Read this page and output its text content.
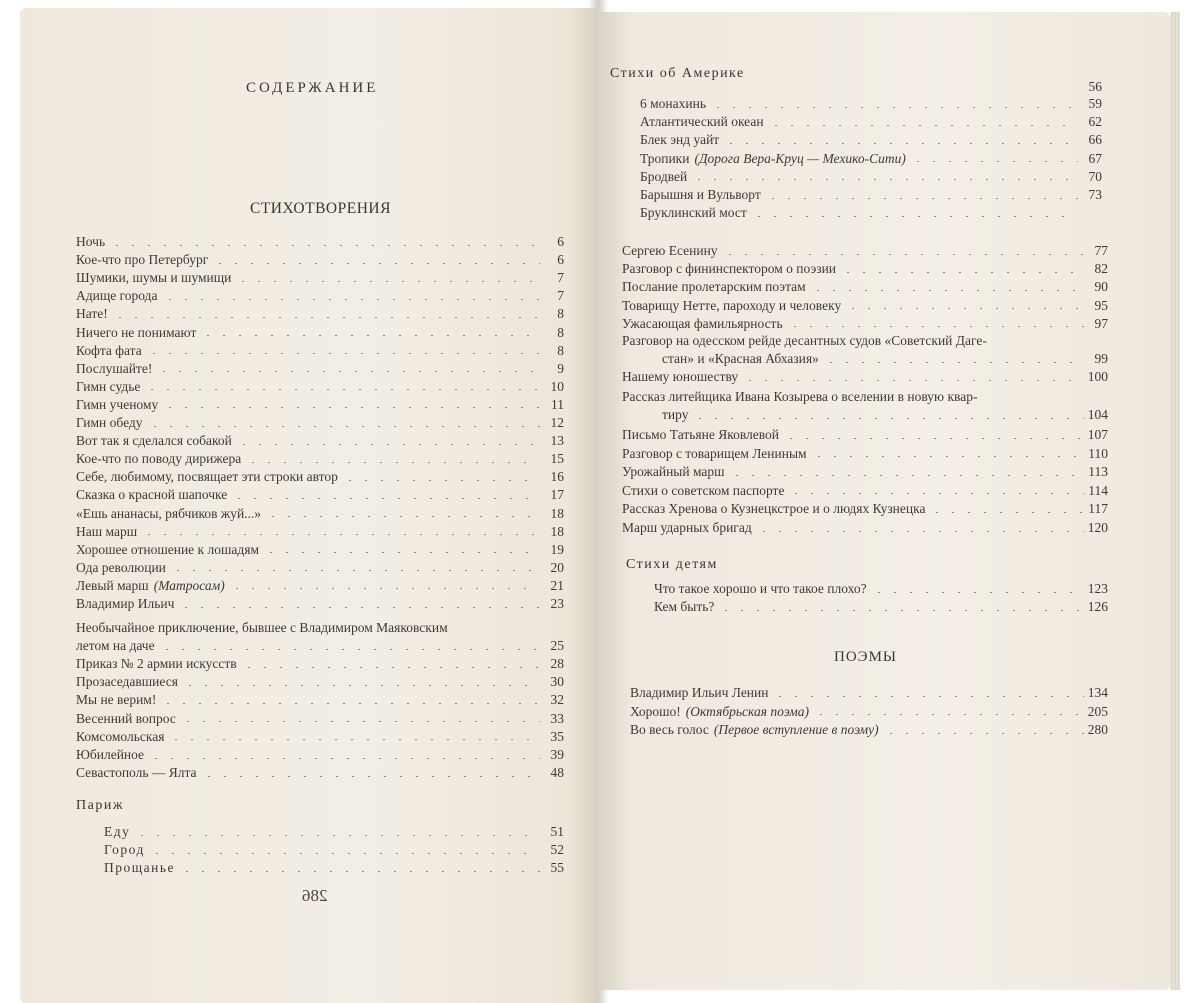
СОДЕРЖАНИЕ
СТИХОТВОРЕНИЯ
Ночь	6
Кое-что про Петербург	6
Шумики, шумы и шумищи	7
Адище города	7
Нате!	8
Ничего не понимают	8
Кофта фата	8
Послушайте!	9
Гимн судье	10
Гимн ученому	11
Гимн обеду	12
Вот так я сделался собакой	13
Кое-что по поводу дирижера	15
Себе, любимому, посвящает эти строки автор	16
Сказка о красной шапочке	17
«Ешь ананасы, рябчиков жуй...»	18
Наш марш	18
Хорошее отношение к лошадям	19
Ода революции	20
Левый марш (Матросам)	21
Владимир Ильич	23
Необычайное приключение, бывшее с Владимиром Маяковским
летом на даче	25
Приказ № 2 армии искусств	28
Прозаседавшиеся	30
Мы не верим!	32
Весенний вопрос	33
Комсомольская	35
Юбилейное	39
Севастополь — Ялта	48
Париж
Еду	51
Город	52
Прощанье	55
286
Стихи об Америке
56
6 монахинь	59
Атлантический океан	62
Блек энд уайт	66
Тропики (Дорога Вера-Круц — Мехико-Сити)	67
Бродвей	70
Барышня и Вульворт	73
Бруклинский мост
Сергею Есенину	77
Разговор с фининспектором о поэзии	82
Послание пролетарским поэтам	90
Товарищу Нетте, пароходу и человеку	95
Ужасающая фамильярность	97
Разговор на одесском рейде десантных судов «Советский Даге-
стан» и «Красная Абхазия»	99
Нашему юношеству	100
Рассказ литейщика Ивана Козырева о вселении в новую квар-
тиру	104
Письмо Татьяне Яковлевой	107
Разговор с товарищем Лениным	110
Урожайный марш	113
Стихи о советском паспорте	114
Рассказ Хренова о Кузнецкстрое и о людях Кузнецка	117
Марш ударных бригад	120
Стихи детям
Что такое хорошо и что такое плохо?	123
Кем быть?	126
ПОЭМЫ
Владимир Ильич Ленин	134
Хорошо! (Октябрьская поэма)	205
Во весь голос (Первое вступление в поэму)	280
